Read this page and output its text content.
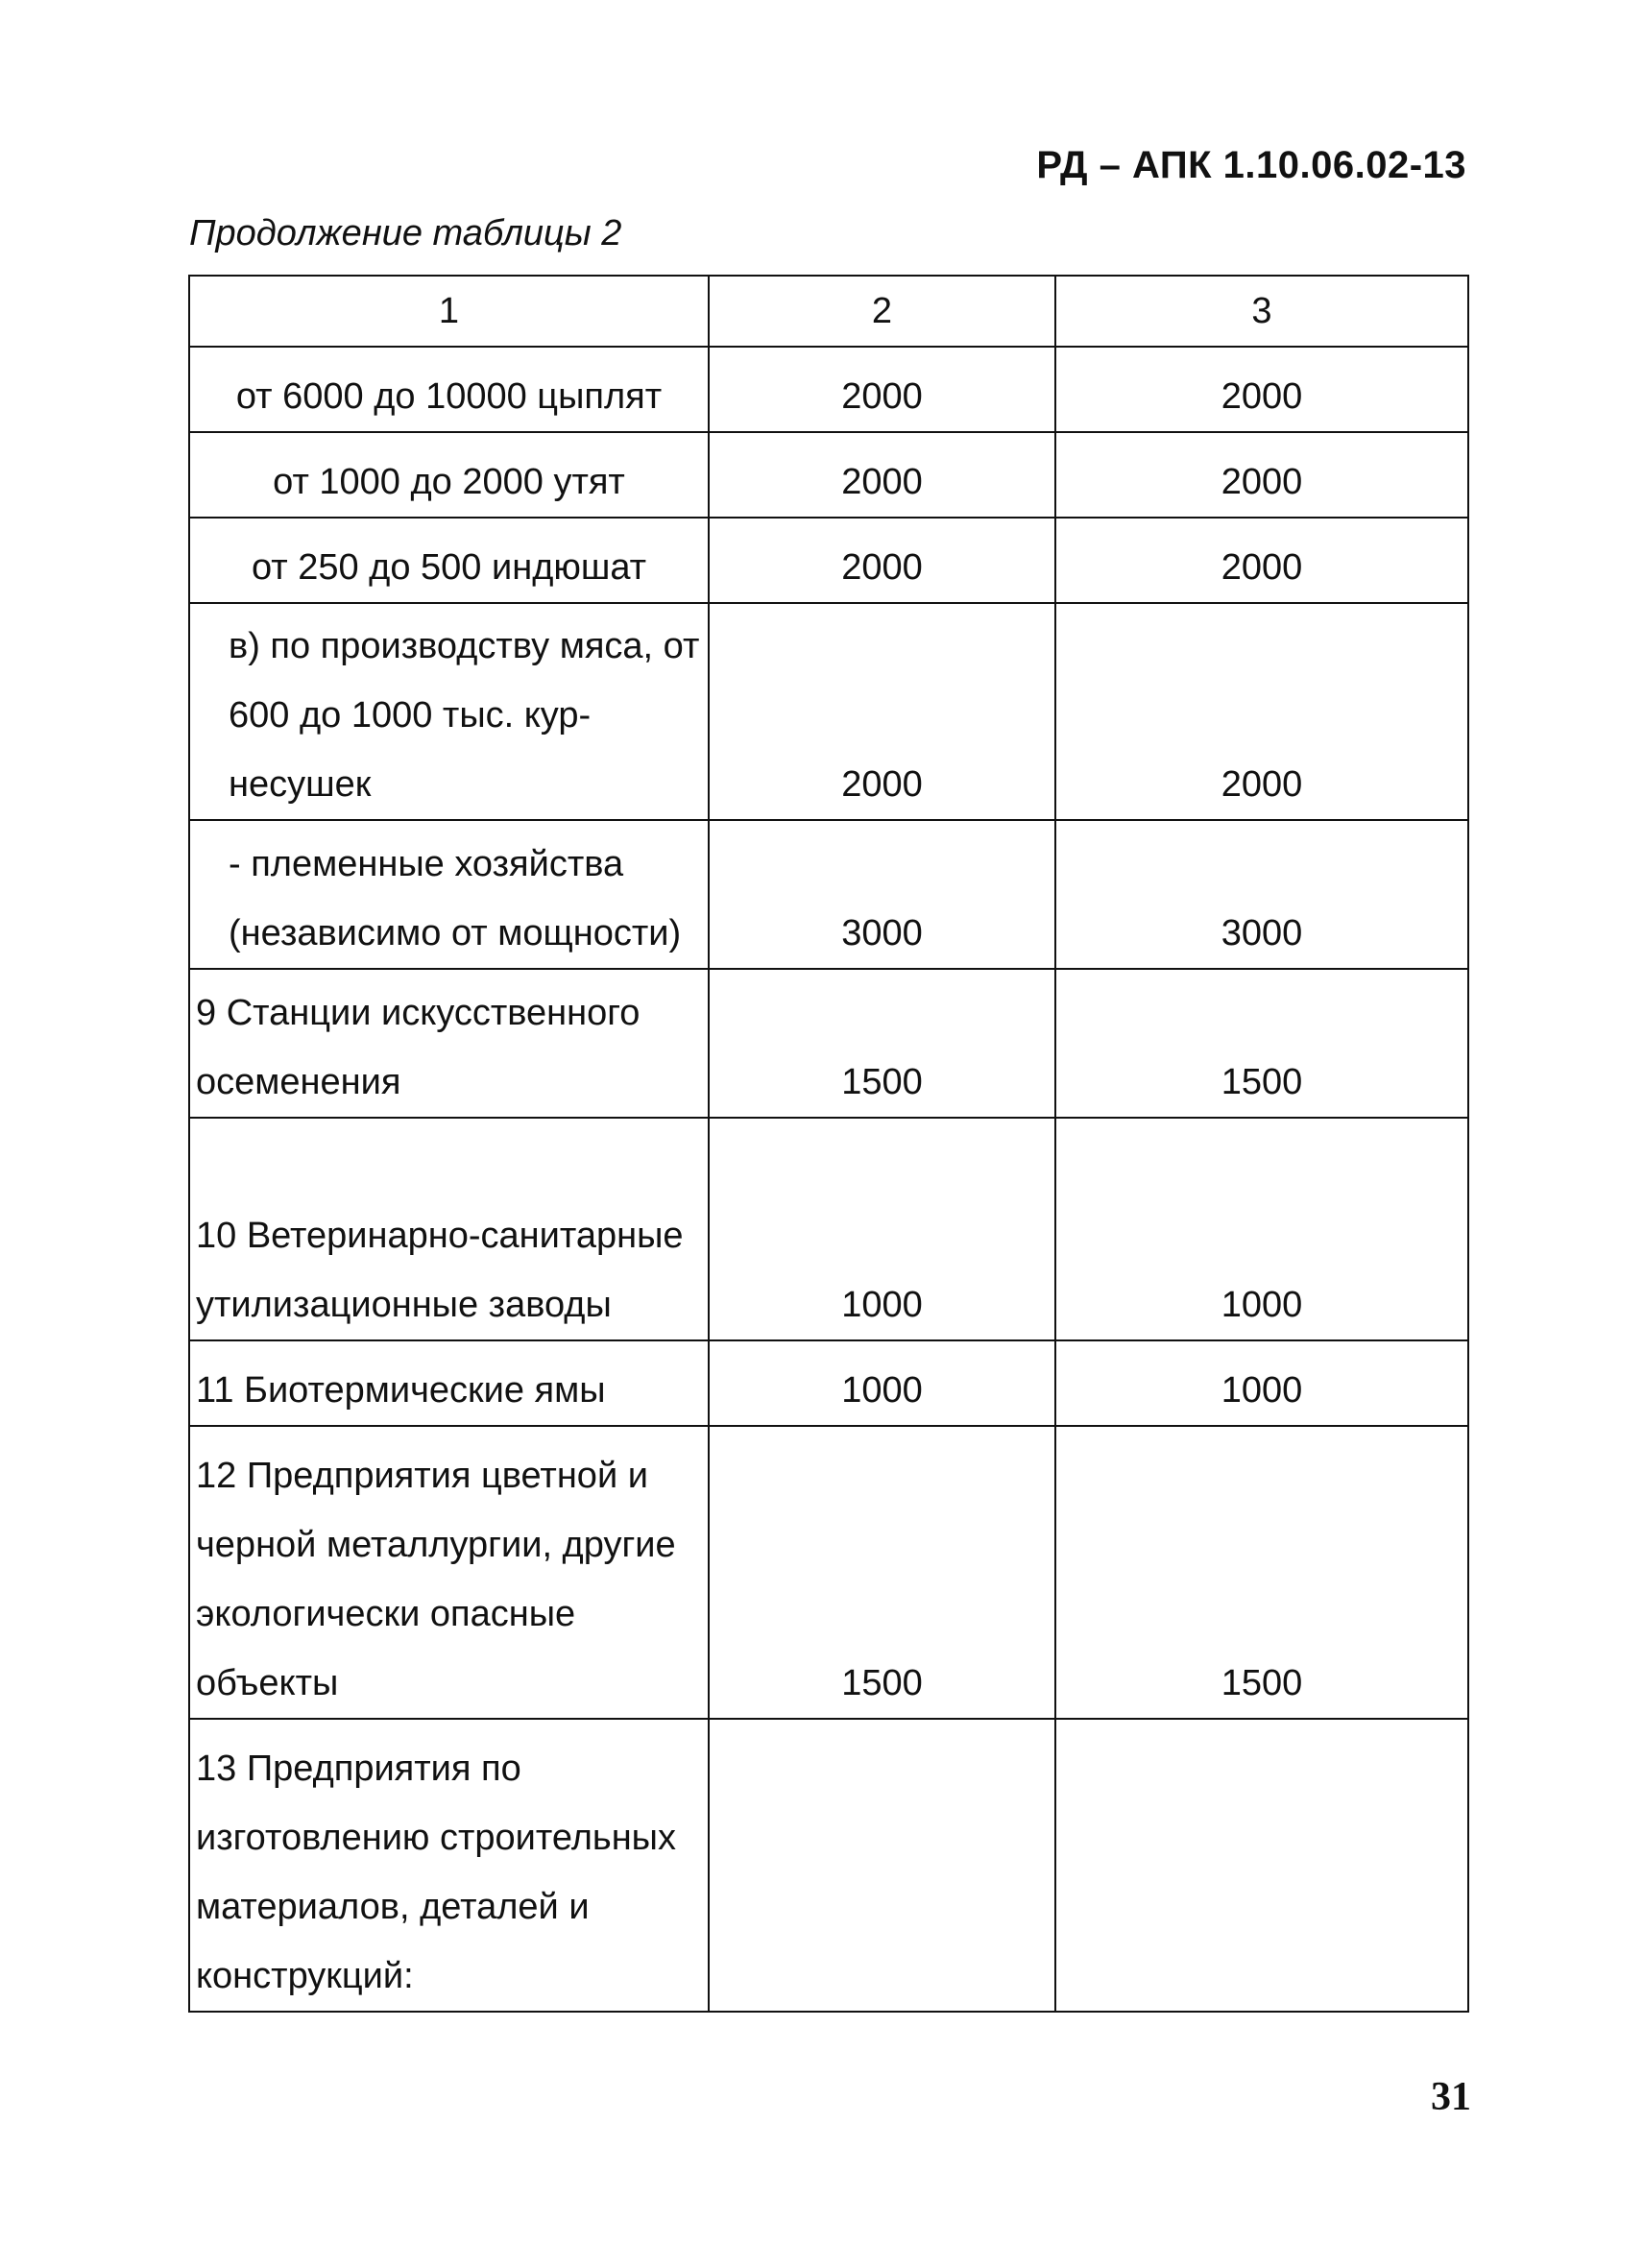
РД – АПК 1.10.06.02-13
Продолжение таблицы 2
1	2	3
от 6000 до 10000 цыплят	2000	2000
от 1000 до 2000 утят	2000	2000
от 250 до 500 индюшат	2000	2000
в) по производству мяса, от 600 до 1000 тыс. кур-несушек	2000	2000
- племенные хозяйства (независимо от мощности)	3000	3000
9 Станции искусственного осеменения	1500	1500
10 Ветеринарно-санитарные утилизационные заводы	1000	1000
11 Биотермические ямы	1000	1000
12 Предприятия цветной и черной металлургии, другие экологически опасные объекты	1500	1500
13 Предприятия по изготовлению строительных материалов, деталей и конструкций:		
31
